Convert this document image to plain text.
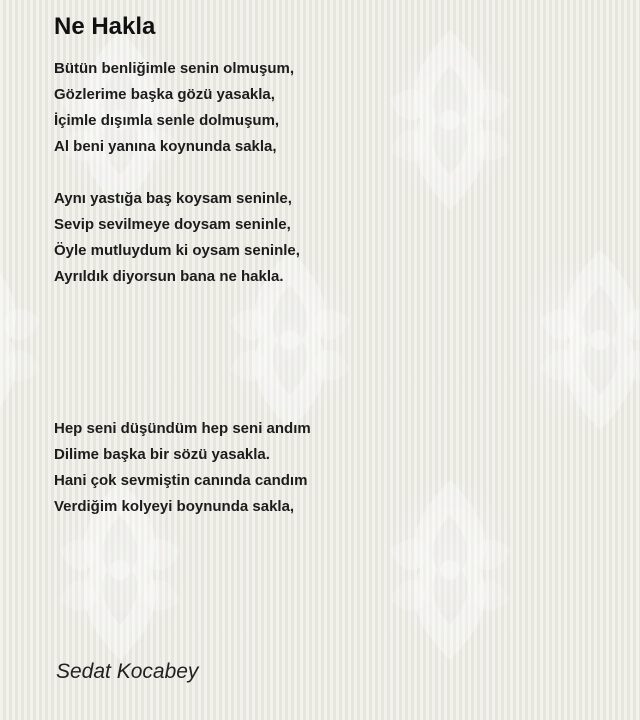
Ne Hakla
Bütün benliğimle senin olmuşum,
Gözlerime başka gözü yasakla,
İçimle dışımla senle dolmuşum,
Al beni yanına koynunda sakla,
Aynı yastığa baş koysam seninle,
Sevip sevilmeye doysam seninle,
Öyle mutluydum ki oysam seninle,
Ayrıldık diyorsun bana ne hakla.
Hep seni düşündüm hep seni andım
Dilime başka bir sözü yasakla.
Hani çok sevmiştin canında candım
Verdiğim kolyeyi boynunda sakla,
Sedat Kocabey
